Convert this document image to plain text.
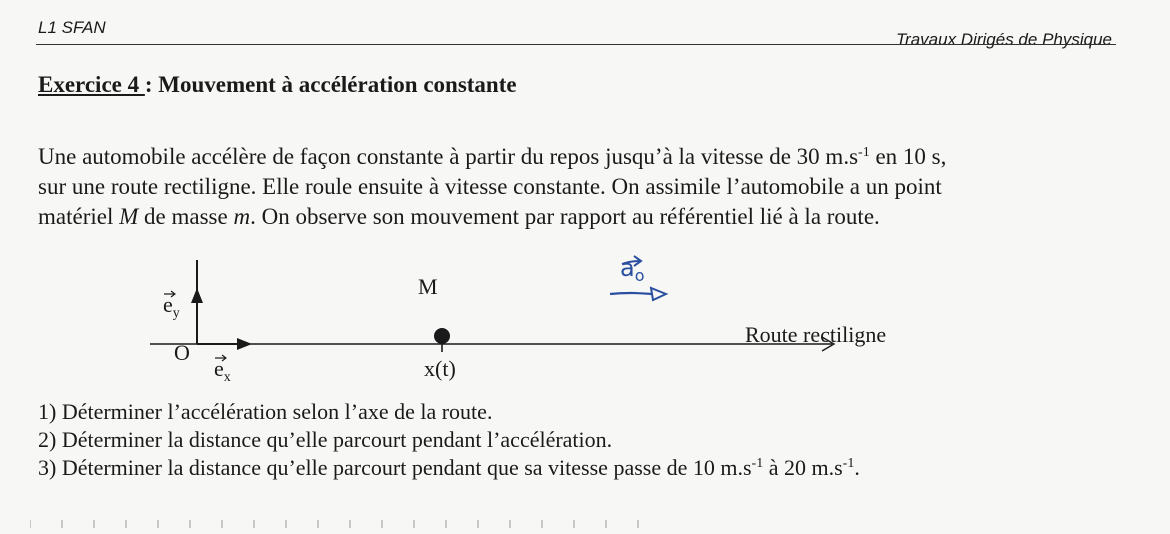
L1 SFAN
Travaux Dirigés de Physique
Exercice 4 : Mouvement à accélération constante
Une automobile accélère de façon constante à partir du repos jusqu’à la vitesse de 30 $m.s^{-1}$ en 10 s,
sur une route rectiligne. Elle roule ensuite à vitesse constante. On assimile l’automobile a un point
matériel M de masse m. On observe son mouvement par rapport au référentiel lié à la route.
$e_y$
O
$e_x$
M
x(t)
Route rectiligne
$a_o$
1) Déterminer l’accélération selon l’axe de la route.
2) Déterminer la distance qu’elle parcourt pendant l’accélération.
3) Déterminer la distance qu’elle parcourt pendant que sa vitesse passe de 10 $m.s^{-1}$ à 20 $m.s^{-1}$.
